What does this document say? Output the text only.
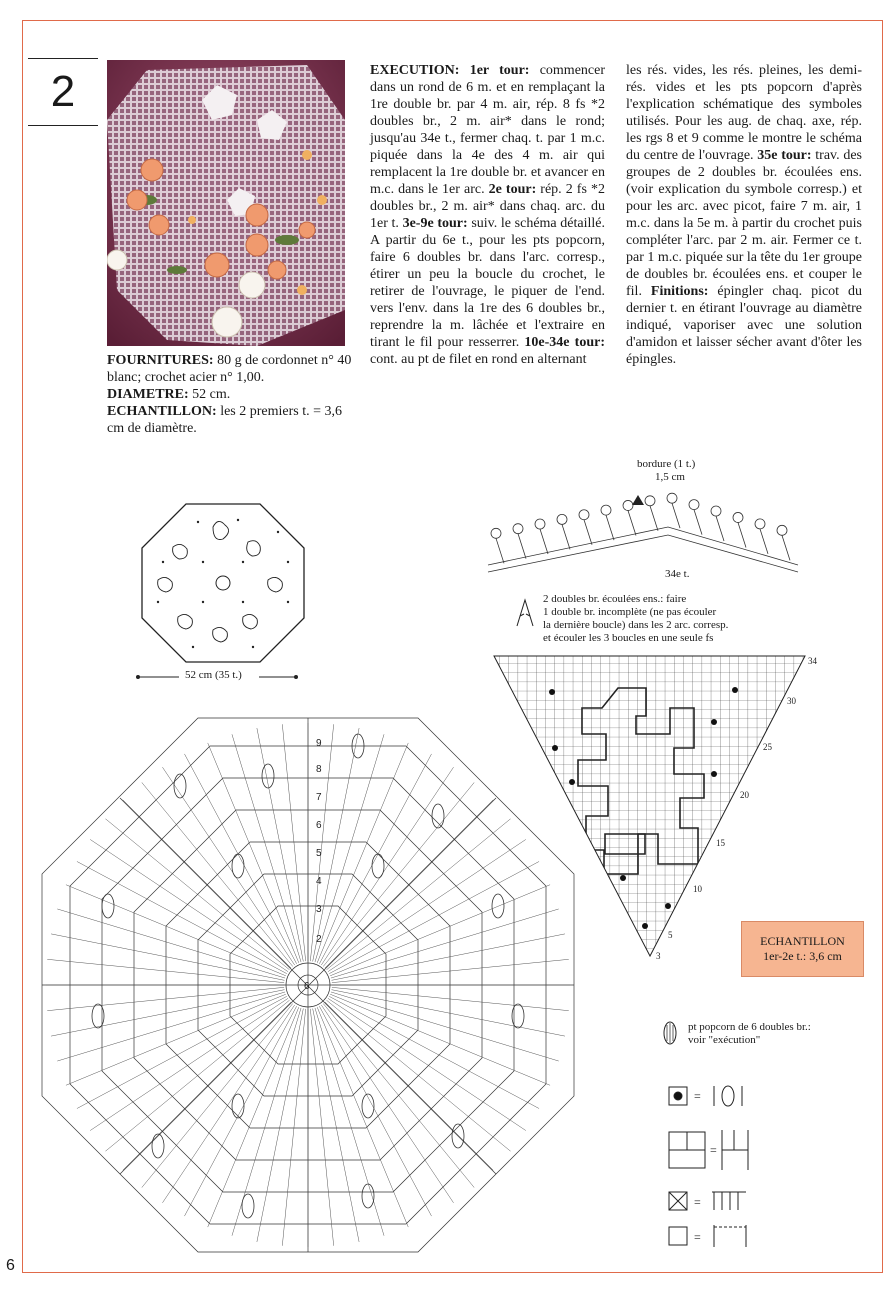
2
FOURNITURES: 80 g de cordonnet n° 40 blanc; crochet acier n° 1,00.
DIAMETRE: 52 cm.
ECHANTILLON: les 2 premiers t. = 3,6 cm de diamètre.
EXECUTION: 1er tour: commencer dans un rond de 6 m. et en remplaçant la 1re double br. par 4 m. air, rép. 8 fs *2 doubles br., 2 m. air* dans le rond; jusqu'au 34e t., fermer chaq. t. par 1 m.c. piquée dans la 4e des 4 m. air qui remplacent la 1re double br. et avancer en m.c. dans le 1er arc. 2e tour: rép. 2 fs *2 doubles br., 2 m. air* dans chaq. arc. du 1er t. 3e-9e tour: suiv. le schéma détaillé. A partir du 6e t., pour les pts popcorn, faire 6 doubles br. dans l'arc. corresp., étirer un peu la boucle du crochet, le retirer de l'ouvrage, le piquer de l'end. vers l'env. dans la 1re des 6 doubles br., reprendre la m. lâchée et l'extraire en tirant le fil pour resserrer. 10e-34e tour: cont. au pt de filet en rond en alternant
les rés. vides, les rés. pleines, les demi-rés. vides et les pts popcorn d'après l'explication schématique des symboles utilisés. Pour les aug. de chaq. axe, rép. les rgs 8 et 9 comme le montre le schéma du centre de l'ouvrage. 35e tour: trav. des groupes de 2 doubles br. écoulées ens. (voir explication du symbole corresp.) et pour les arc. avec picot, faire 7 m. air, 1 m.c. dans la 5e m. à partir du crochet puis compléter l'arc. par 2 m. air. Fermer ce t. par 1 m.c. piquée sur la tête du 1er groupe de doubles br. écoulées ens. et couper le fil. Finitions: épingler chaq. picot du dernier t. en étirant l'ouvrage au diamètre indiqué, vaporiser avec une solution d'amidon et laisser sécher avant d'ôter les épingles.
52 cm (35 t.)
9
8
7
6
5
4
3
2
6
bordure (1 t.)
1,5 cm
34e t.
2 doubles br. écoulées ens.: faire
1 double br. incomplète (ne pas écouler
la dernière boucle) dans les 2 arc. corresp.
et écouler les 3 boucles en une seule fs
34
30
25
20
15
10
5
3
ECHANTILLON
1er-2e t.: 3,6 cm
pt popcorn de 6 doubles br.:
voir "exécution"
=
=
=
=
6
